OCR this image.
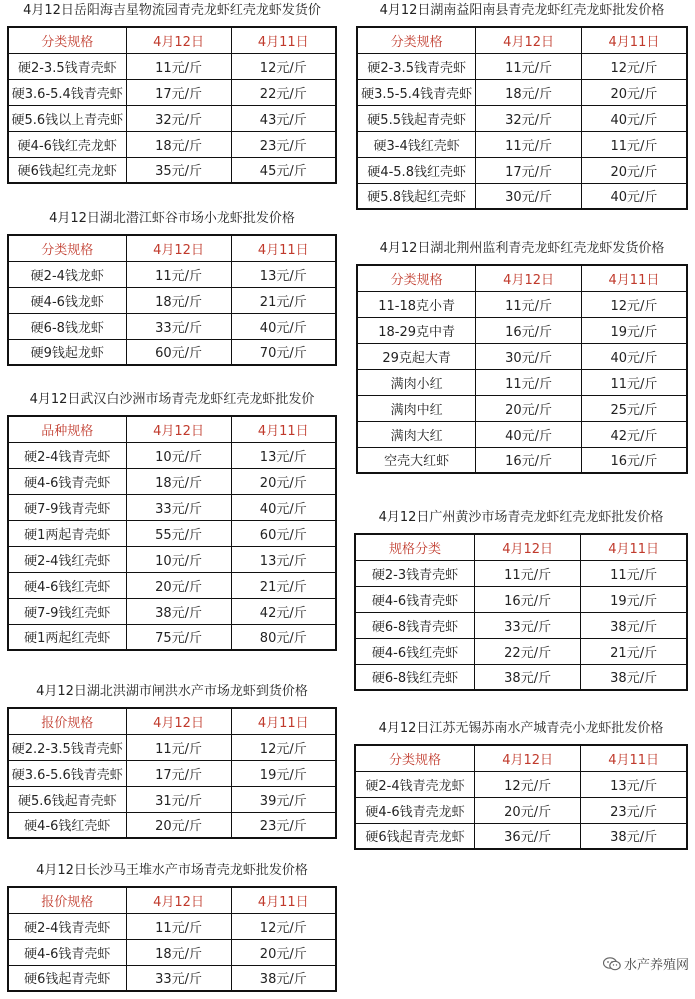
4月12日岳阳海吉星物流园青壳龙虾红壳龙虾发货价
分类规格	4月12日	4月11日
硬2-3.5钱青壳虾	11元/斤	12元/斤
硬3.6-5.4钱青壳虾	17元/斤	22元/斤
硬5.6钱以上青壳虾	32元/斤	43元/斤
硬4-6钱红壳龙虾	18元/斤	23元/斤
硬6钱起红壳龙虾	35元/斤	45元/斤
4月12日湖北潜江虾谷市场小龙虾批发价格
分类规格	4月12日	4月11日
硬2-4钱龙虾	11元/斤	13元/斤
硬4-6钱龙虾	18元/斤	21元/斤
硬6-8钱龙虾	33元/斤	40元/斤
硬9钱起龙虾	60元/斤	70元/斤
4月12日武汉白沙洲市场青壳龙虾红壳龙虾批发价
品种规格	4月12日	4月11日
硬2-4钱青壳虾	10元/斤	13元/斤
硬4-6钱青壳虾	18元/斤	20元/斤
硬7-9钱青壳虾	33元/斤	40元/斤
硬1两起青壳虾	55元/斤	60元/斤
硬2-4钱红壳虾	10元/斤	13元/斤
硬4-6钱红壳虾	20元/斤	21元/斤
硬7-9钱红壳虾	38元/斤	42元/斤
硬1两起红壳虾	75元/斤	80元/斤
4月12日湖北洪湖市闸洪水产市场龙虾到货价格
报价规格	4月12日	4月11日
硬2.2-3.5钱青壳虾	11元/斤	12元/斤
硬3.6-5.6钱青壳虾	17元/斤	19元/斤
硬5.6钱起青壳虾	31元/斤	39元/斤
硬4-6钱红壳虾	20元/斤	23元/斤
4月12日长沙马王堆水产市场青壳龙虾批发价格
报价规格	4月12日	4月11日
硬2-4钱青壳虾	11元/斤	12元/斤
硬4-6钱青壳虾	18元/斤	20元/斤
硬6钱起青壳虾	33元/斤	38元/斤
4月12日湖南益阳南县青壳龙虾红壳龙虾批发价格
分类规格	4月12日	4月11日
硬2-3.5钱青壳虾	11元/斤	12元/斤
硬3.5-5.4钱青壳虾	18元/斤	20元/斤
硬5.5钱起青壳虾	32元/斤	40元/斤
硬3-4钱红壳虾	11元/斤	11元/斤
硬4-5.8钱红壳虾	17元/斤	20元/斤
硬5.8钱起红壳虾	30元/斤	40元/斤
4月12日湖北荆州监利青壳龙虾红壳龙虾发货价格
分类规格	4月12日	4月11日
11-18克小青	11元/斤	12元/斤
18-29克中青	16元/斤	19元/斤
29克起大青	30元/斤	40元/斤
满肉小红	11元/斤	11元/斤
满肉中红	20元/斤	25元/斤
满肉大红	40元/斤	42元/斤
空壳大红虾	16元/斤	16元/斤
4月12日广州黄沙市场青壳龙虾红壳龙虾批发价格
规格分类	4月12日	4月11日
硬2-3钱青壳虾	11元/斤	11元/斤
硬4-6钱青壳虾	16元/斤	19元/斤
硬6-8钱青壳虾	33元/斤	38元/斤
硬4-6钱红壳虾	22元/斤	21元/斤
硬6-8钱红壳虾	38元/斤	38元/斤
4月12日江苏无锡苏南水产城青壳小龙虾批发价格
分类规格	4月12日	4月11日
硬2-4钱青壳龙虾	12元/斤	13元/斤
硬4-6钱青壳龙虾	20元/斤	23元/斤
硬6钱起青壳龙虾	36元/斤	38元/斤
水产养殖网
